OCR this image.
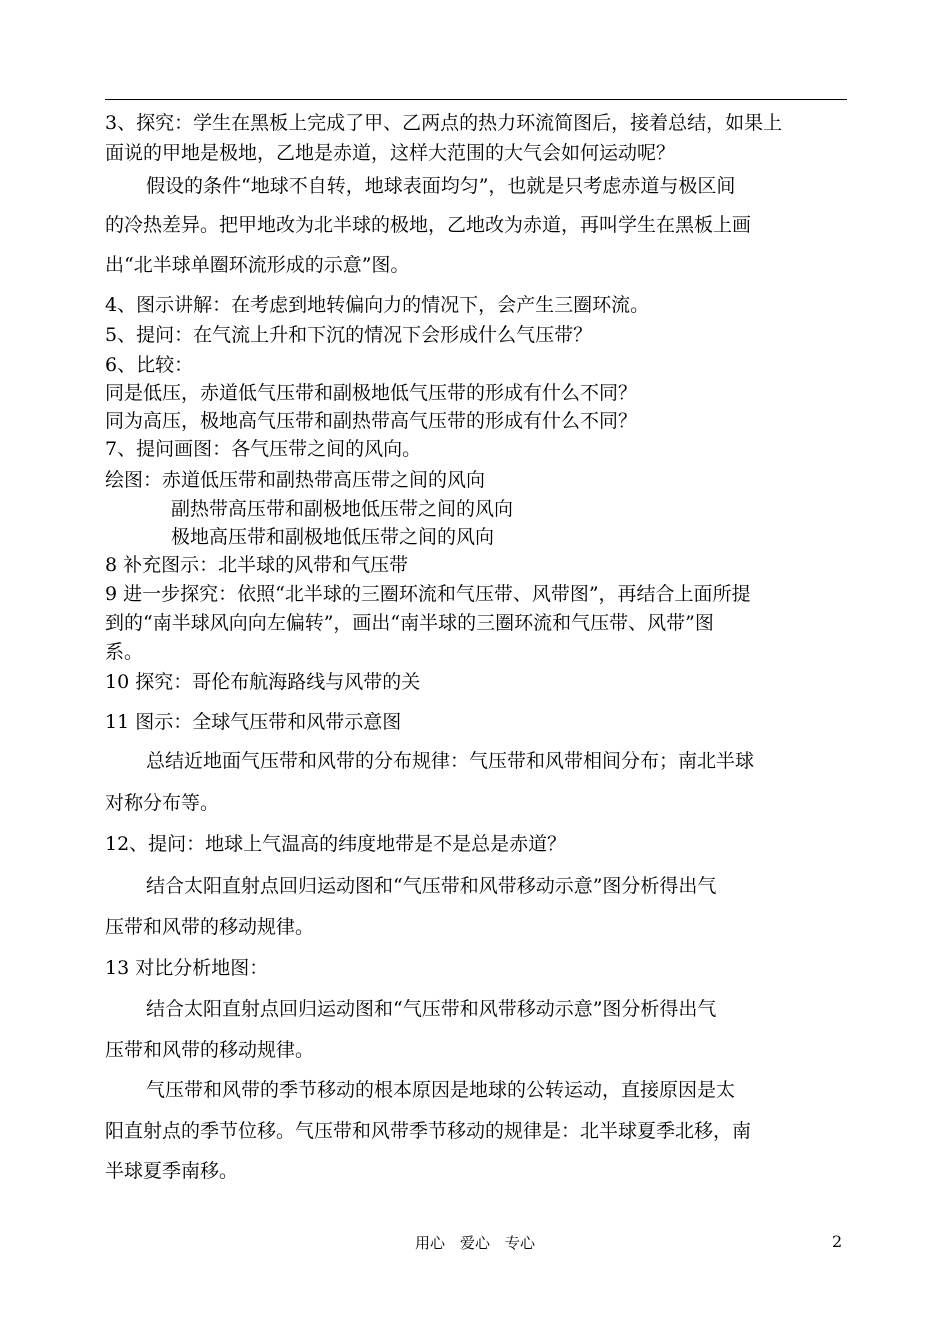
3、探究：学生在黑板上完成了甲、乙两点的热力环流简图后，接着总结，如果上
面说的甲地是极地，乙地是赤道，这样大范围的大气会如何运动呢？
假设的条件“地球不自转，地球表面均匀”，也就是只考虑赤道与极区间
的冷热差异。把甲地改为北半球的极地，乙地改为赤道，再叫学生在黑板上画
出“北半球单圈环流形成的示意”图。
4、图示讲解：在考虑到地转偏向力的情况下，会产生三圈环流。
5、提问：在气流上升和下沉的情况下会形成什么气压带？
6、比较：
同是低压，赤道低气压带和副极地低气压带的形成有什么不同？
同为高压，极地高气压带和副热带高气压带的形成有什么不同？
7、提问画图：各气压带之间的风向。
绘图：赤道低压带和副热带高压带之间的风向
副热带高压带和副极地低压带之间的风向
极地高压带和副极地低压带之间的风向
8 补充图示：北半球的风带和气压带
9 进一步探究：依照“北半球的三圈环流和气压带、风带图”，再结合上面所提
到的“南半球风向向左偏转”，画出“南半球的三圈环流和气压带、风带”图
系。
10 探究：哥伦布航海路线与风带的关
11 图示：全球气压带和风带示意图
总结近地面气压带和风带的分布规律：气压带和风带相间分布；南北半球
对称分布等。
12、提问：地球上气温高的纬度地带是不是总是赤道？
结合太阳直射点回归运动图和“气压带和风带移动示意”图分析得出气
压带和风带的移动规律。
13 对比分析地图：
结合太阳直射点回归运动图和“气压带和风带移动示意”图分析得出气
压带和风带的移动规律。
气压带和风带的季节移动的根本原因是地球的公转运动，直接原因是太
阳直射点的季节位移。气压带和风带季节移动的规律是：北半球夏季北移，南
半球夏季南移。
用心　爱心　专心	2
